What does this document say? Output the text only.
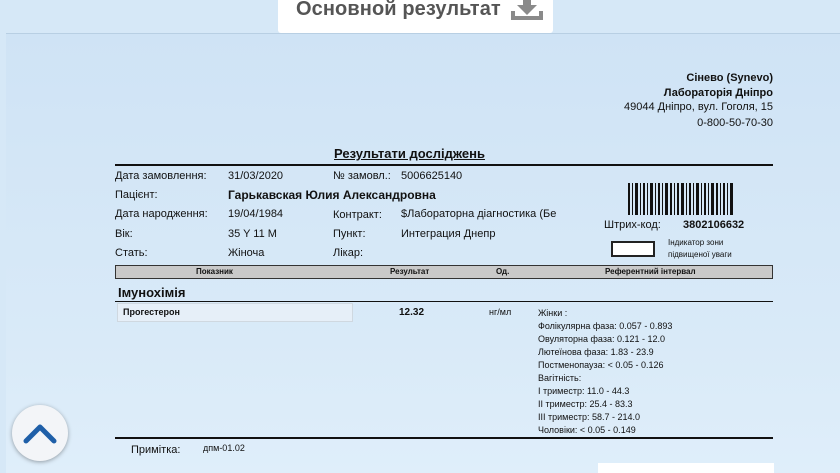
Основной результат
Сінево (Synevo)
Лабораторія Дніпро
49044 Дніпро, вул. Гоголя, 15
0-800-50-70-30
Результати досліджень
Дата замовлення: 31/03/2020	№ замовл.: 5006625140
Пацієнт:	Гарькавская Юлия Александровна
Дата народження: 19/04/1984	Контракт: $Лабораторна діагностика (Бе
Вік:	35 Y 11 M	Пункт:	Интеграция Днепр
Стать:	Жіноча	Лікар:
Штрих-код: 3802106632
Індикатор зони
підвищеної уваги
Показник	Результат	Од.	Референтний інтервал
Імунохімія
Прогестерон	12.32	нг/мл	Жінки :
Фолікулярна фаза: 0.057 - 0.893
Овуляторна фаза: 0.121 - 12.0
Лютеїнова фаза: 1.83 - 23.9
Постменопауза: < 0.05 - 0.126
Вагітність:
I триместр: 11.0 - 44.3
II триместр: 25.4 - 83.3
III триместр: 58.7 - 214.0
Чоловіки: < 0.05 - 0.149
Примітка:	дпм-01.02
